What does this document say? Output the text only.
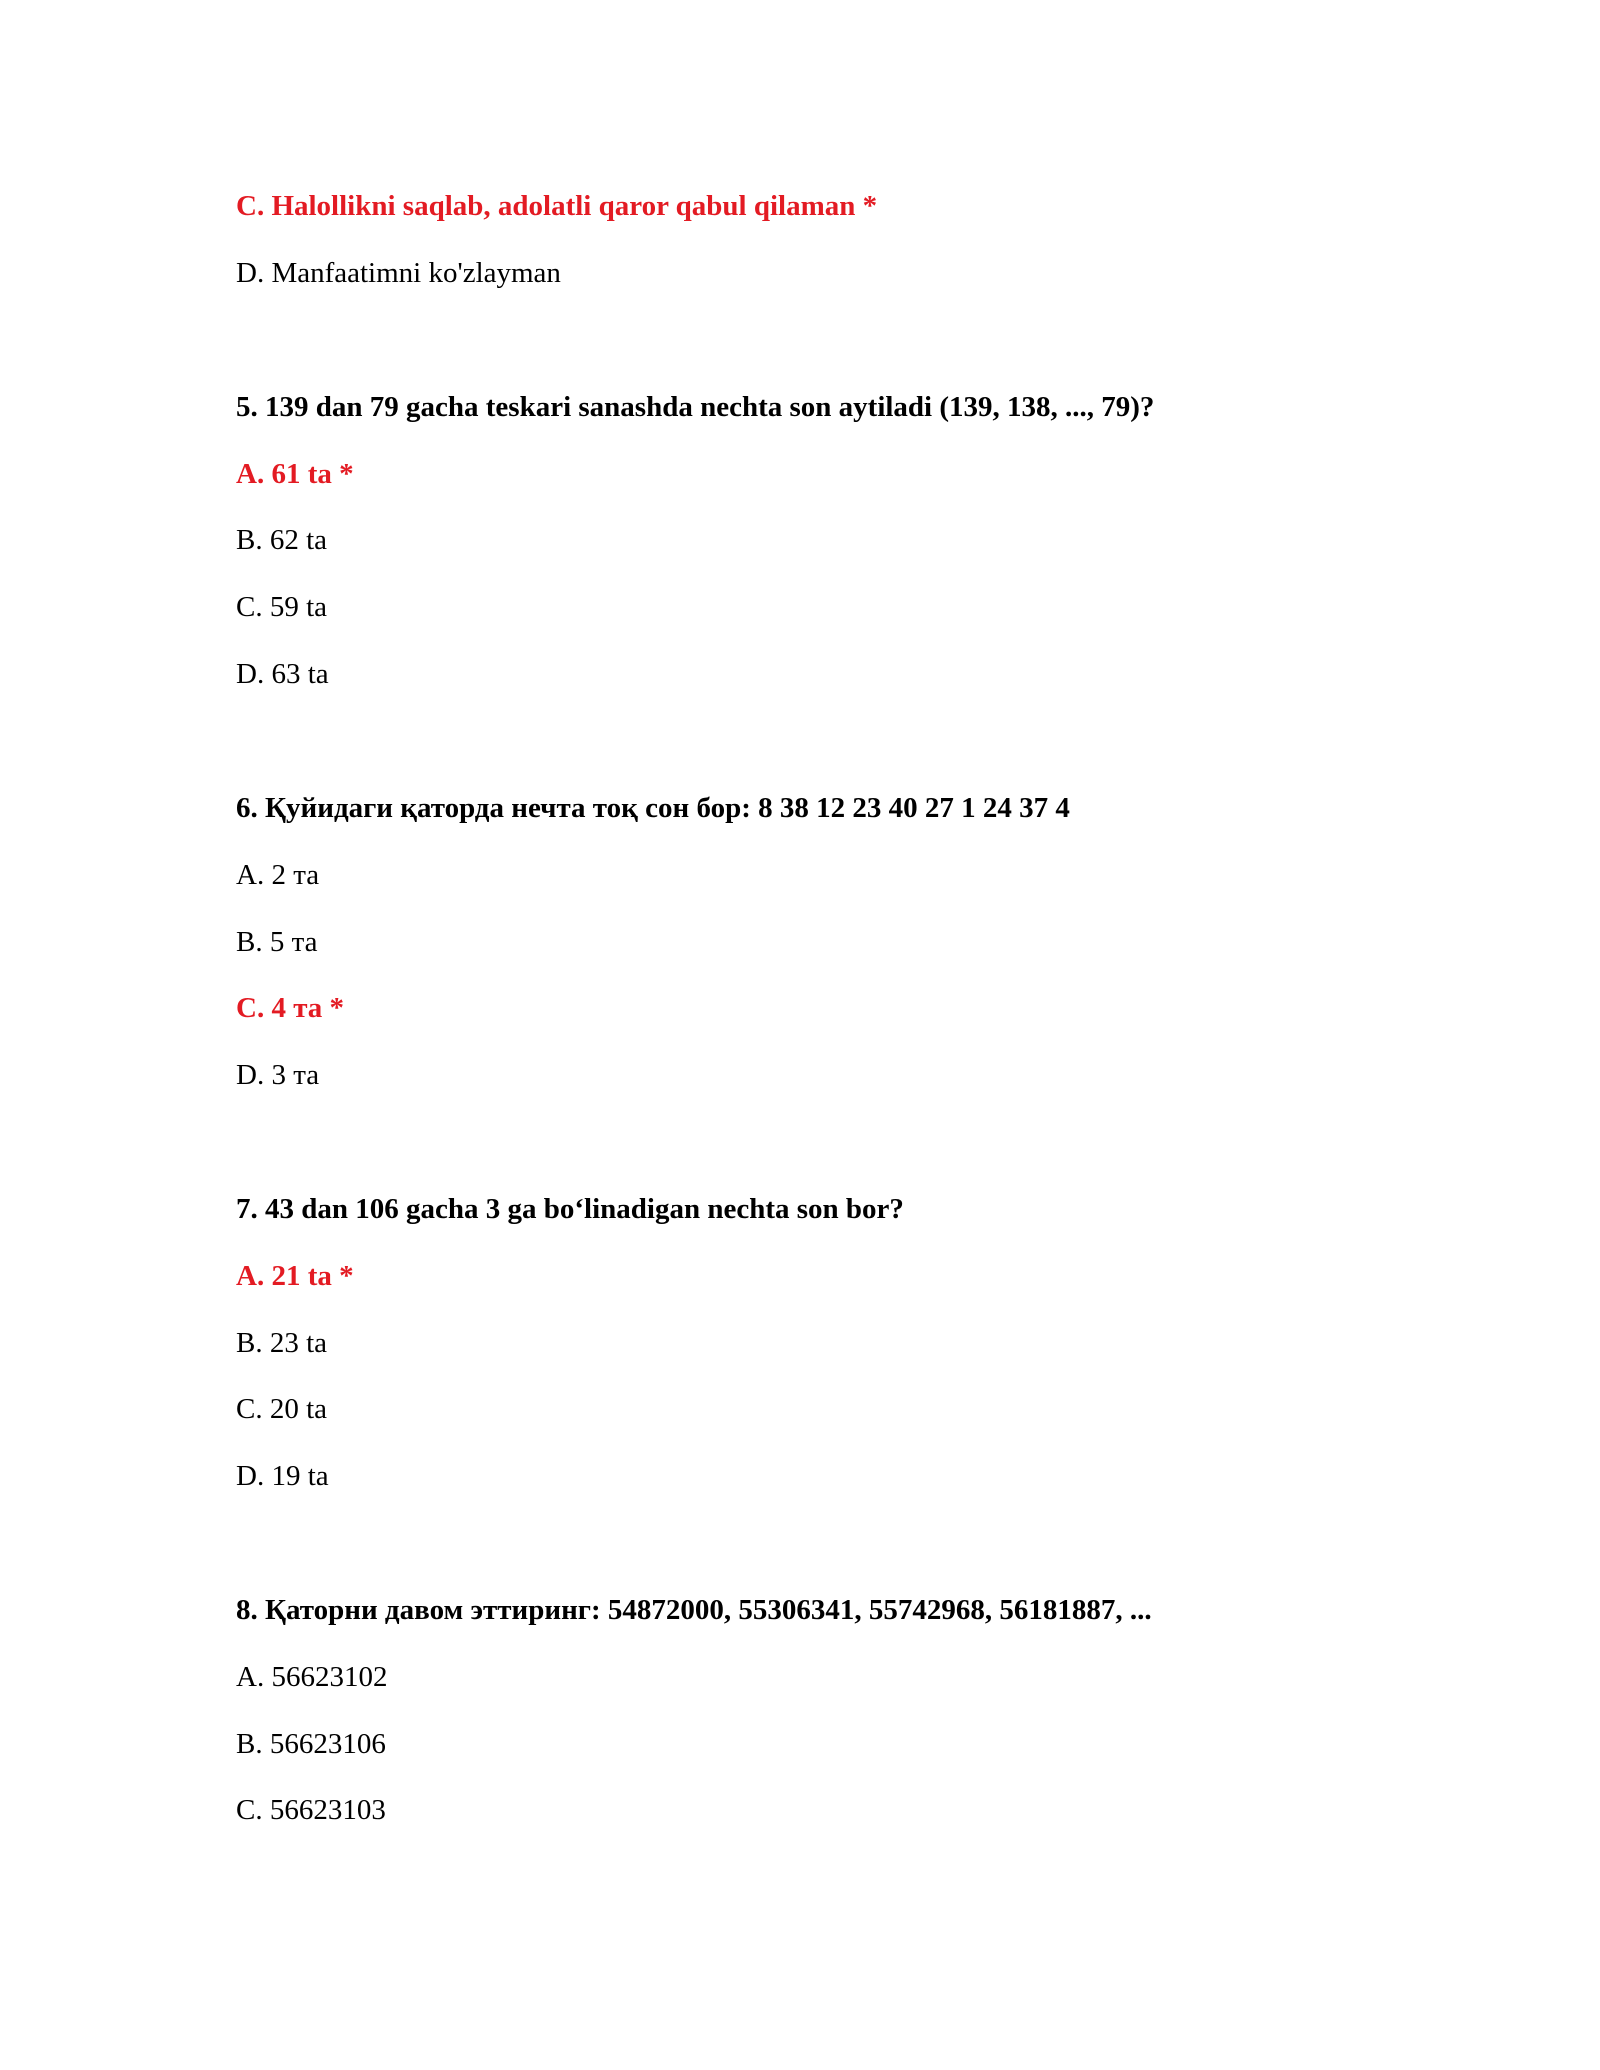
C. Halollikni saqlab, adolatli qaror qabul qilaman *
D. Manfaatimni ko'zlayman
5. 139 dan 79 gacha teskari sanashda nechta son aytiladi (139, 138, ..., 79)?
A. 61 ta *
B. 62 ta
C. 59 ta
D. 63 ta
6. Қуйидаги қаторда нечта тоқ сон бор: 8 38 12 23 40 27 1 24 37 4
A. 2 та
B. 5 та
C. 4 та *
D. 3 та
7. 43 dan 106 gacha 3 ga bo‘linadigan nechta son bor?
A. 21 ta *
B. 23 ta
C. 20 ta
D. 19 ta
8. Қаторни давом эттиринг: 54872000, 55306341, 55742968, 56181887, ...
A. 56623102
B. 56623106
C. 56623103
